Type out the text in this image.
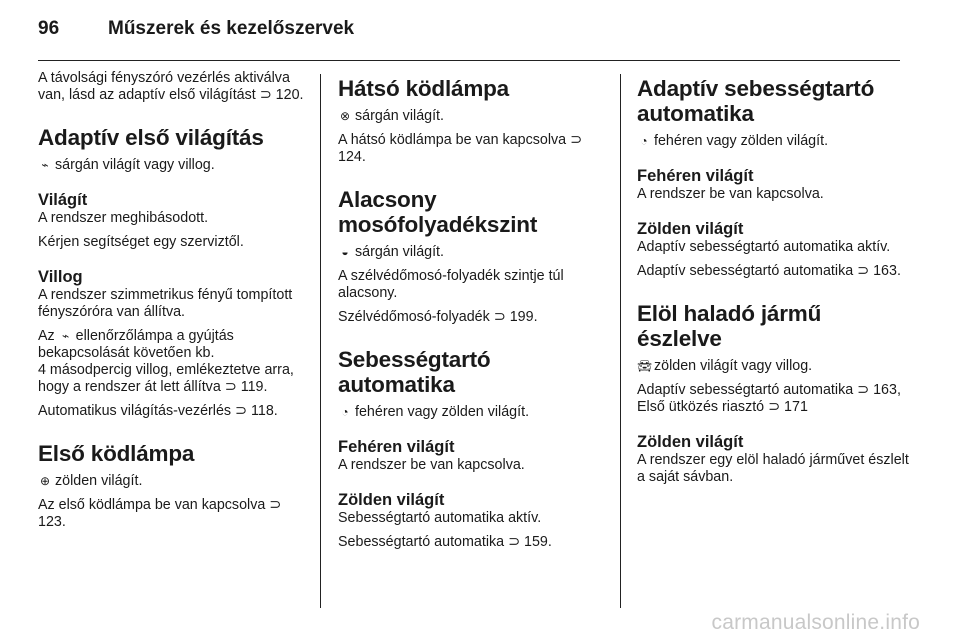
96	Műszerek és kezelőszervek

A távolsági fényszóró vezérlés aktiválva van, lásd az adaptív első világítást ⊃ 120.

Adaptív első világítás

⌁ sárgán világít vagy villog.

Világít

A rendszer meghibásodott.

Kérjen segítséget egy szerviztől.

Villog

A rendszer szimmetrikus fényű tompított fényszóróra van állítva.

Az ⌁ ellenőrzőlámpa a gyújtás bekapcsolását követően kb.

4 másodpercig villog, emlékeztetve arra, hogy a rendszer át lett állítva ⊃ 119.

Automatikus világítás-vezérlés ⊃ 118.

Első ködlámpa

⊕ zölden világít.

Az első ködlámpa be van kapcsolva ⊃ 123.

Hátsó ködlámpa

⊗ sárgán világít.

A hátsó ködlámpa be van kapcsolva ⊃ 124.

Alacsony mosófolyadékszint

◒ sárgán világít.

A szélvédőmosó-folyadék szintje túl alacsony.

Szélvédőmosó-folyadék ⊃ 199.

Sebességtartó automatika

◔ fehéren vagy zölden világít.

Fehéren világít

A rendszer be van kapcsolva.

Zölden világít

Sebességtartó automatika aktív.

Sebességtartó automatika ⊃ 159.

Adaptív sebességtartó automatika

◔ fehéren vagy zölden világít.

Fehéren világít

A rendszer be van kapcsolva.

Zölden világít

Adaptív sebességtartó automatika aktív.

Adaptív sebességtartó automatika ⊃ 163.

Elöl haladó jármű észlelve

🚘︎ zölden világít vagy villog.

Adaptív sebességtartó automatika ⊃ 163, Első ütközés riasztó ⊃ 171

Zölden világít

A rendszer egy elöl haladó járművet észlelt a saját sávban.

carmanualsonline.info
